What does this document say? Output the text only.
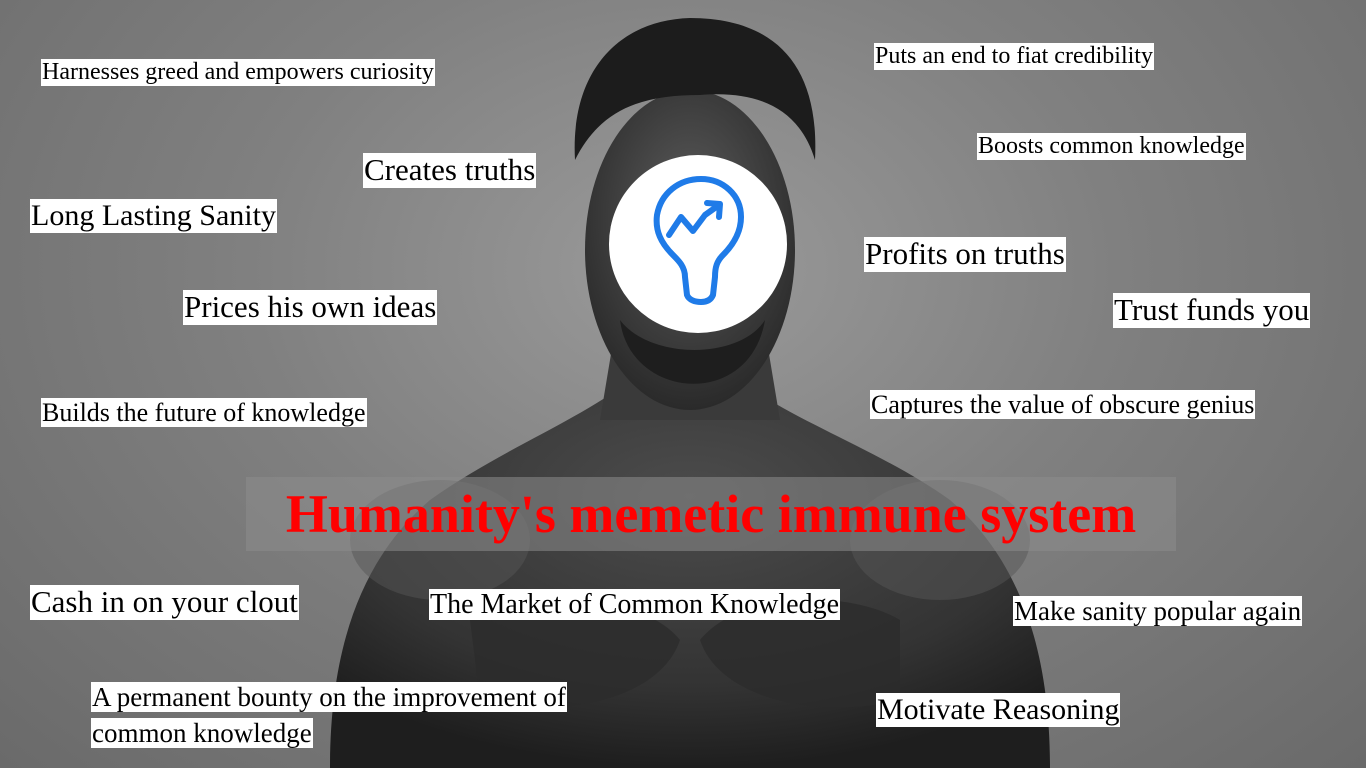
Harnesses greed and empowers curiosity
Puts an end to fiat credibility
Boosts common knowledge
Creates truths
Long Lasting Sanity
Profits on truths
Prices his own ideas	Trust funds you
Builds the future of knowledge	Captures the value of obscure genius
Humanity's memetic immune system
Cash in on your clout	The Market of Common Knowledge	Make sanity popular again
A permanent bounty on the improvement of common knowledge
Motivate Reasoning
